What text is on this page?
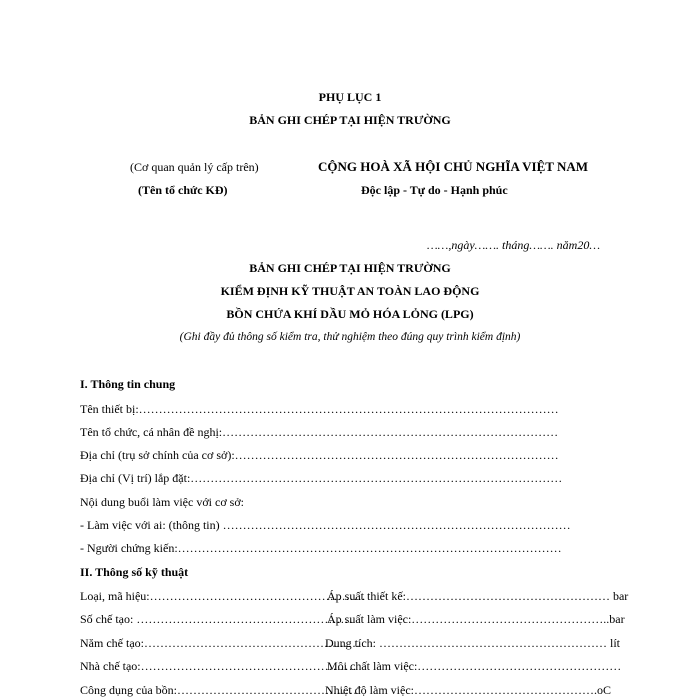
PHỤ LỤC 1
BẢN GHI CHÉP TẠI HIỆN TRƯỜNG
(Cơ quan quản lý cấp trên)
(Tên tổ chức KĐ)
CỘNG HOÀ XÃ HỘI CHỦ NGHĨA VIỆT NAM
Độc lập - Tự do - Hạnh phúc
……,ngày……. tháng……. năm20…
BẢN GHI CHÉP TẠI HIỆN TRƯỜNG
KIỂM ĐỊNH KỸ THUẬT AN TOÀN LAO ĐỘNG
BỒN CHỨA KHÍ DẦU MỎ HÓA LỎNG (LPG)
(Ghi đầy đủ thông số kiểm tra, thử nghiệm theo đúng quy trình kiểm định)
I. Thông tin chung
Tên thiết bị:……………………………………………………………………………………………
Tên tổ chức, cá nhân đề nghị:…………………………………………………………………………
Địa chỉ (trụ sở chính của cơ sở):………………………………………………………………………
Địa chỉ (Vị trí) lắp đặt:…………………………………………………………………………………
Nội dung buổi làm việc với cơ sở:
- Làm việc với ai: (thông tin) ……………………………………………………………………………
- Người chứng kiến:……………………………………………………………………………………
II. Thông số kỹ thuật
Loại, mã hiệu:………………………………………………
Áp suất thiết kế:…………………………………………… bar
Số chế tạo: ………………………………………………
Áp suất làm việc:…………………………………………..bar
Năm chế tạo:………………………………………………
Dung tích: ………………………………………………… lít
Nhà chế tạo:………………………………………………
Môi chất làm việc:……………………………………………
Công dụng của bồn:………………………………………
Nhiệt độ làm việc:……………………………………….oC
